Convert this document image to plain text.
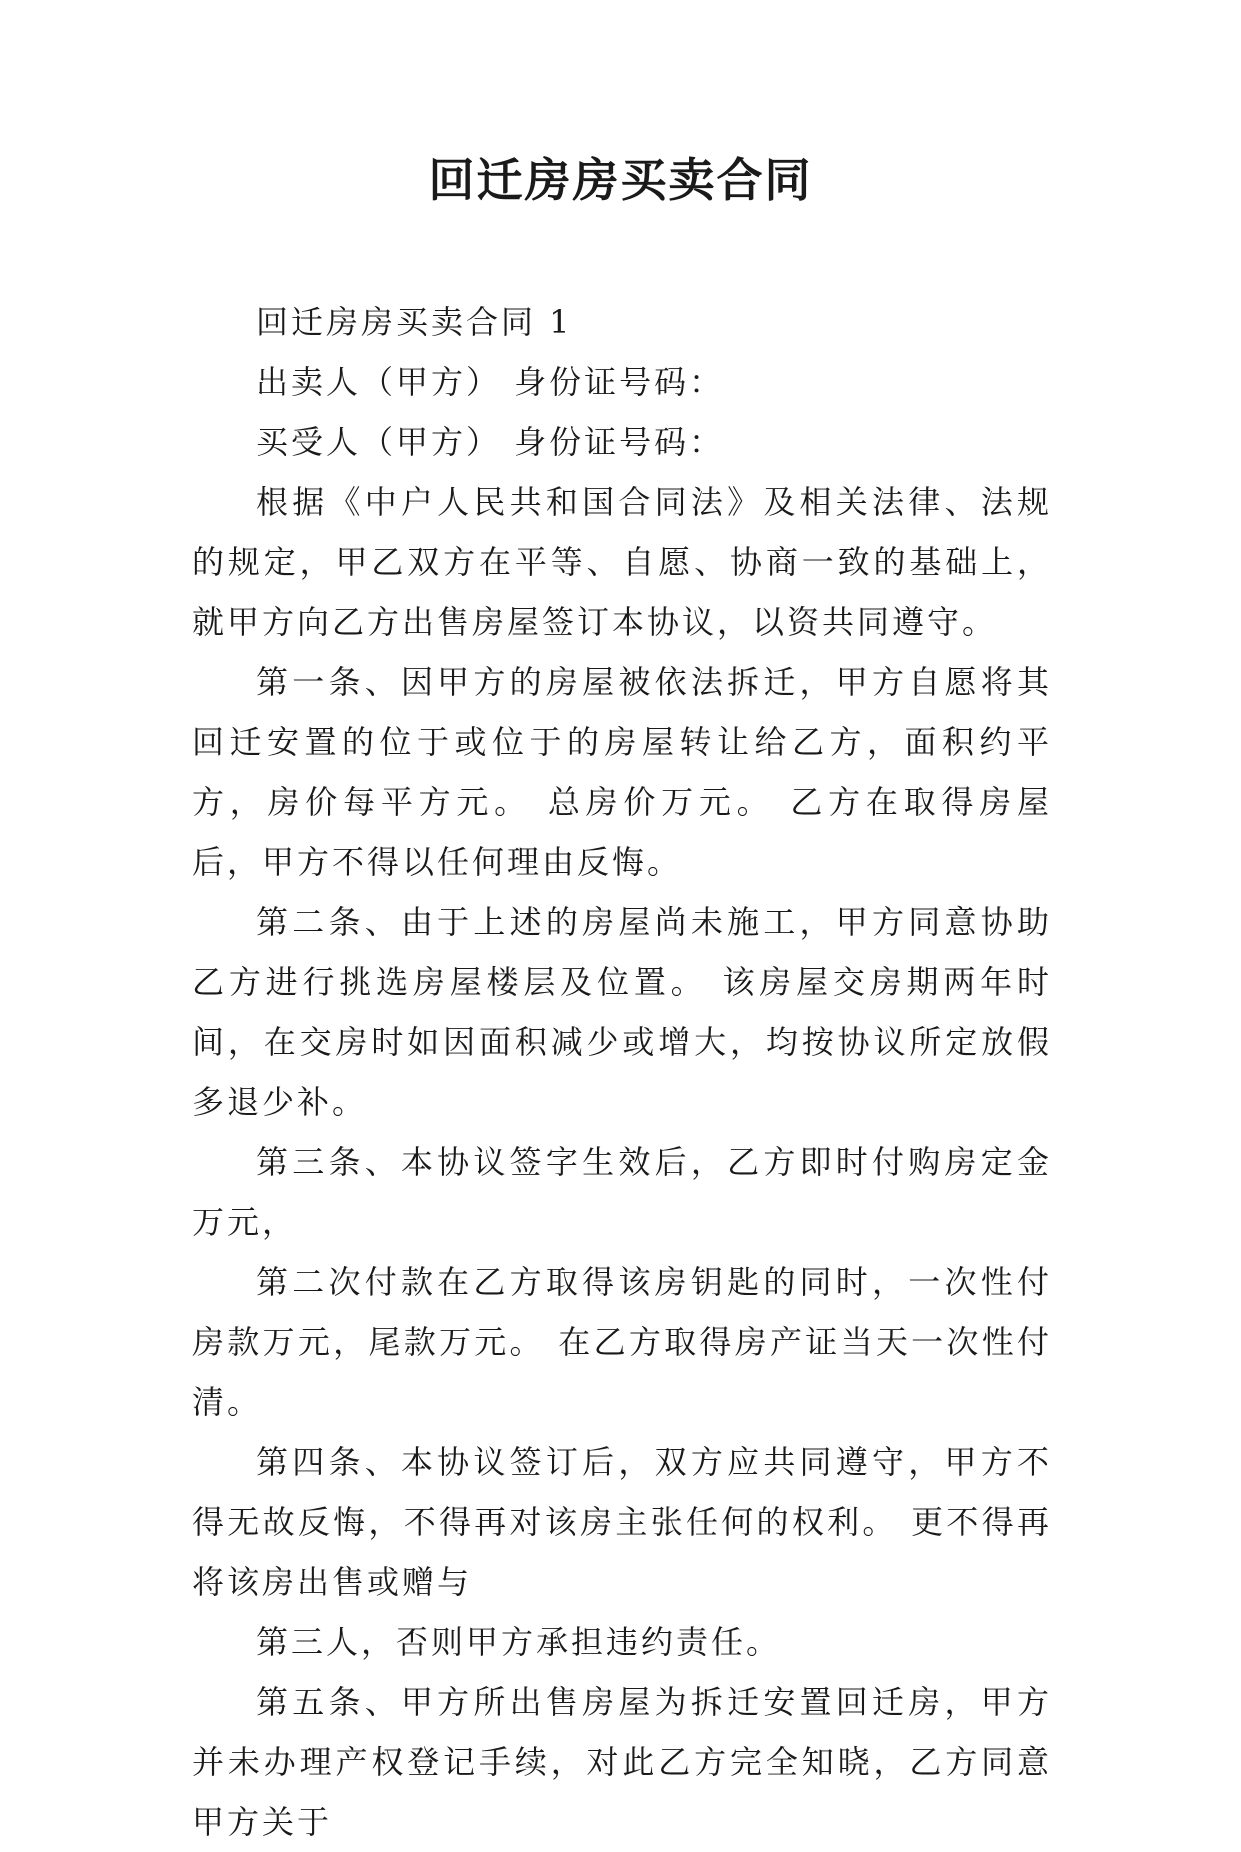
回迁房房买卖合同

回迁房房买卖合同 1

出卖人（甲方） 身份证号码：

买受人（甲方） 身份证号码：

根据《中户人民共和国合同法》及相关法律、法规的规定，甲乙双方在平等、自愿、协商一致的基础上，就甲方向乙方出售房屋签订本协议，以资共同遵守。

第一条、因甲方的房屋被依法拆迁，甲方自愿将其回迁安置的位于或位于的房屋转让给乙方，面积约平方，房价每平方元。 总房价万元。 乙方在取得房屋后，甲方不得以任何理由反悔。

第二条、由于上述的房屋尚未施工，甲方同意协助乙方进行挑选房屋楼层及位置。 该房屋交房期两年时间，在交房时如因面积减少或增大，均按协议所定放假多退少补。

第三条、本协议签字生效后，乙方即时付购房定金万元，

第二次付款在乙方取得该房钥匙的同时，一次性付房款万元，尾款万元。 在乙方取得房产证当天一次性付清。

第四条、本协议签订后，双方应共同遵守，甲方不得无故反悔，不得再对该房主张任何的权利。 更不得再将该房出售或赠与

第三人，否则甲方承担违约责任。

第五条、甲方所出售房屋为拆迁安置回迁房，甲方并未办理产权登记手续，对此乙方完全知晓，乙方同意甲方关于
